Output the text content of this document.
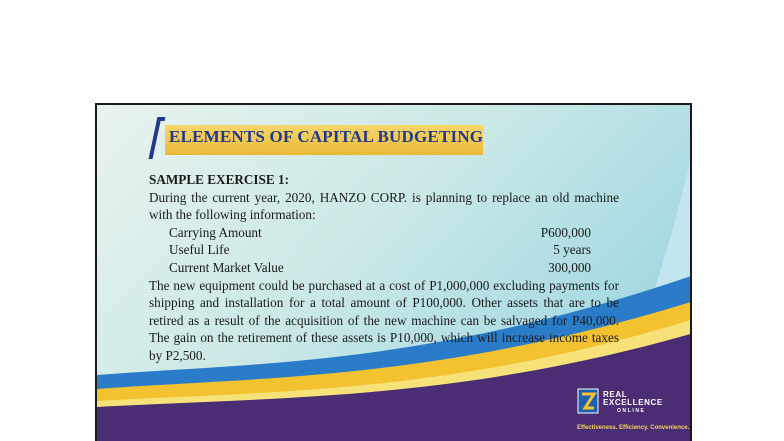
ELEMENTS OF CAPITAL BUDGETING
SAMPLE EXERCISE 1:
During the current year, 2020, HANZO CORP. is planning to replace an old machine with the following information:
Carrying Amount	P600,000
Useful Life	5 years
Current Market Value	300,000
The new equipment could be purchased at a cost of P1,000,000 excluding payments for shipping and installation for a total amount of P100,000. Other assets that are to be retired as a result of the acquisition of the new machine can be salvaged for P40,000. The gain on the retirement of these assets is P10,000, which will increase income taxes by P2,500.
REAL
EXCELLENCE
ONLINE
Effectiveness. Efficiency. Convenience.
